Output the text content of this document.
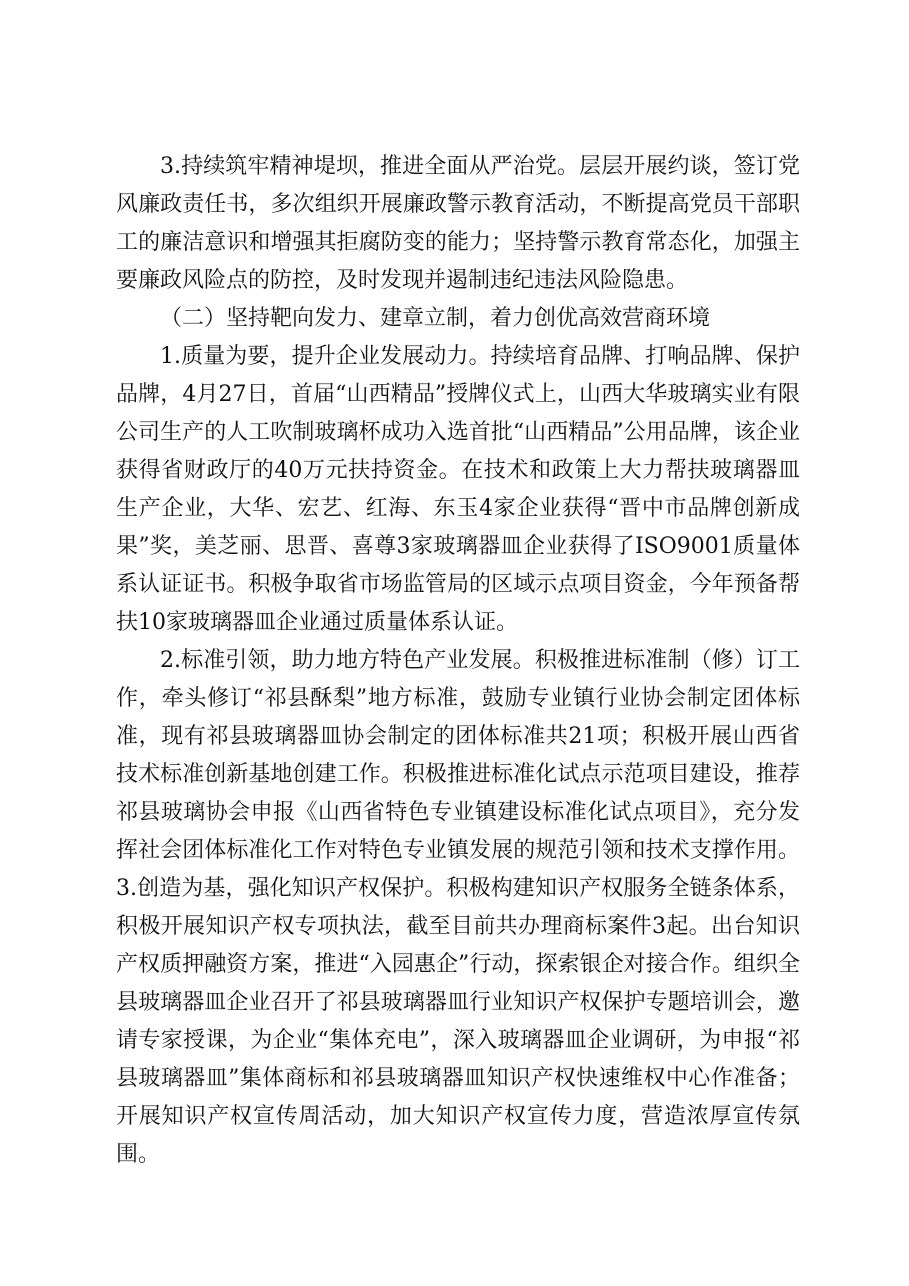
3.持续筑牢精神堤坝，推进全面从严治党。层层开展约谈，签订党风廉政责任书，多次组织开展廉政警示教育活动，不断提高党员干部职工的廉洁意识和增强其拒腐防变的能力；坚持警示教育常态化，加强主要廉政风险点的防控，及时发现并遏制违纪违法风险隐患。

（二）坚持靶向发力、建章立制，着力创优高效营商环境

1.质量为要，提升企业发展动力。持续培育品牌、打响品牌、保护品牌，4月27日，首届“山西精品”授牌仪式上，山西大华玻璃实业有限公司生产的人工吹制玻璃杯成功入选首批“山西精品”公用品牌，该企业获得省财政厅的40万元扶持资金。在技术和政策上大力帮扶玻璃器皿生产企业，大华、宏艺、红海、东玉4家企业获得“晋中市品牌创新成果”奖，美芝丽、思晋、喜尊3家玻璃器皿企业获得了ISO9001质量体系认证证书。积极争取省市场监管局的区域示点项目资金，今年预备帮扶10家玻璃器皿企业通过质量体系认证。

2.标准引领，助力地方特色产业发展。积极推进标准制（修）订工作，牵头修订“祁县酥梨”地方标准，鼓励专业镇行业协会制定团体标准，现有祁县玻璃器皿协会制定的团体标准共21项；积极开展山西省技术标准创新基地创建工作。积极推进标准化试点示范项目建设，推荐祁县玻璃协会申报《山西省特色专业镇建设标准化试点项目》，充分发挥社会团体标准化工作对特色专业镇发展的规范引领和技术支撑作用。3.创造为基，强化知识产权保护。积极构建知识产权服务全链条体系，积极开展知识产权专项执法，截至目前共办理商标案件3起。出台知识产权质押融资方案，推进“入园惠企”行动，探索银企对接合作。组织全县玻璃器皿企业召开了祁县玻璃器皿行业知识产权保护专题培训会，邀请专家授课，为企业“集体充电”，深入玻璃器皿企业调研，为申报“祁县玻璃器皿”集体商标和祁县玻璃器皿知识产权快速维权中心作准备；开展知识产权宣传周活动，加大知识产权宣传力度，营造浓厚宣传氛围。
